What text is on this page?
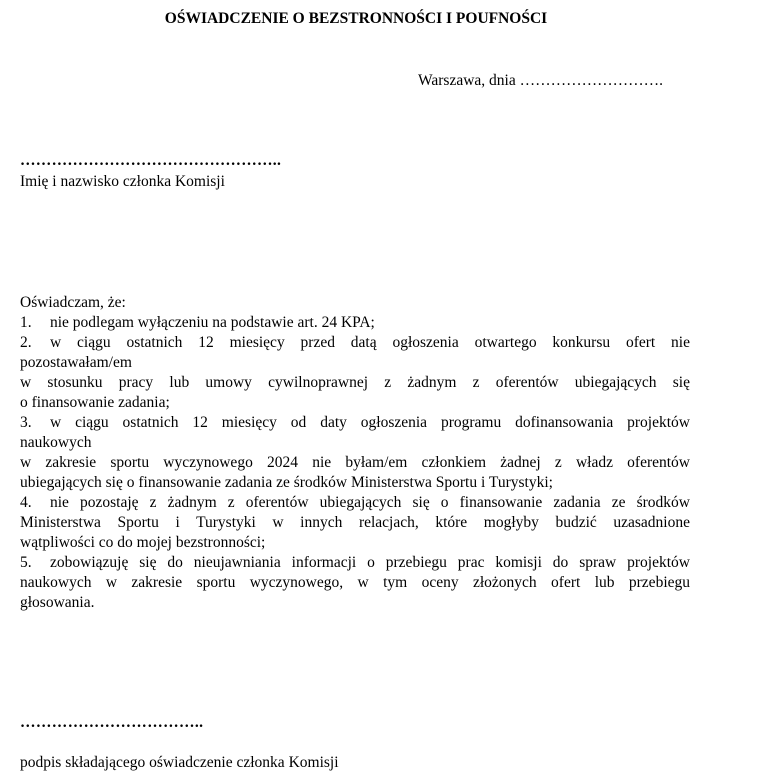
OŚWIADCZENIE O BEZSTRONNOŚCI I POUFNOŚCI
Warszawa, dnia ……………………….
…………………………………………..
Imię i nazwisko członka Komisji
Oświadczam, że:
1. nie podlegam wyłączeniu na podstawie art. 24 KPA;
2. w ciągu ostatnich 12 miesięcy przed datą ogłoszenia otwartego konkursu ofert nie
pozostawałam/em
w stosunku pracy lub umowy cywilnoprawnej z żadnym z oferentów ubiegających się
o finansowanie zadania;
3. w ciągu ostatnich 12 miesięcy od daty ogłoszenia programu dofinansowania projektów
naukowych
w zakresie sportu wyczynowego 2024 nie byłam/em członkiem żadnej z władz oferentów
ubiegających się o finansowanie zadania ze środków Ministerstwa Sportu i Turystyki;
4. nie pozostaję z żadnym z oferentów ubiegających się o finansowanie zadania ze środków
Ministerstwa Sportu i Turystyki w innych relacjach, które mogłyby budzić uzasadnione
wątpliwości co do mojej bezstronności;
5. zobowiązuję się do nieujawniania informacji o przebiegu prac komisji do spraw projektów
naukowych w zakresie sportu wyczynowego, w tym oceny złożonych ofert lub przebiegu
głosowania.
……………………………..
podpis składającego oświadczenie członka Komisji
